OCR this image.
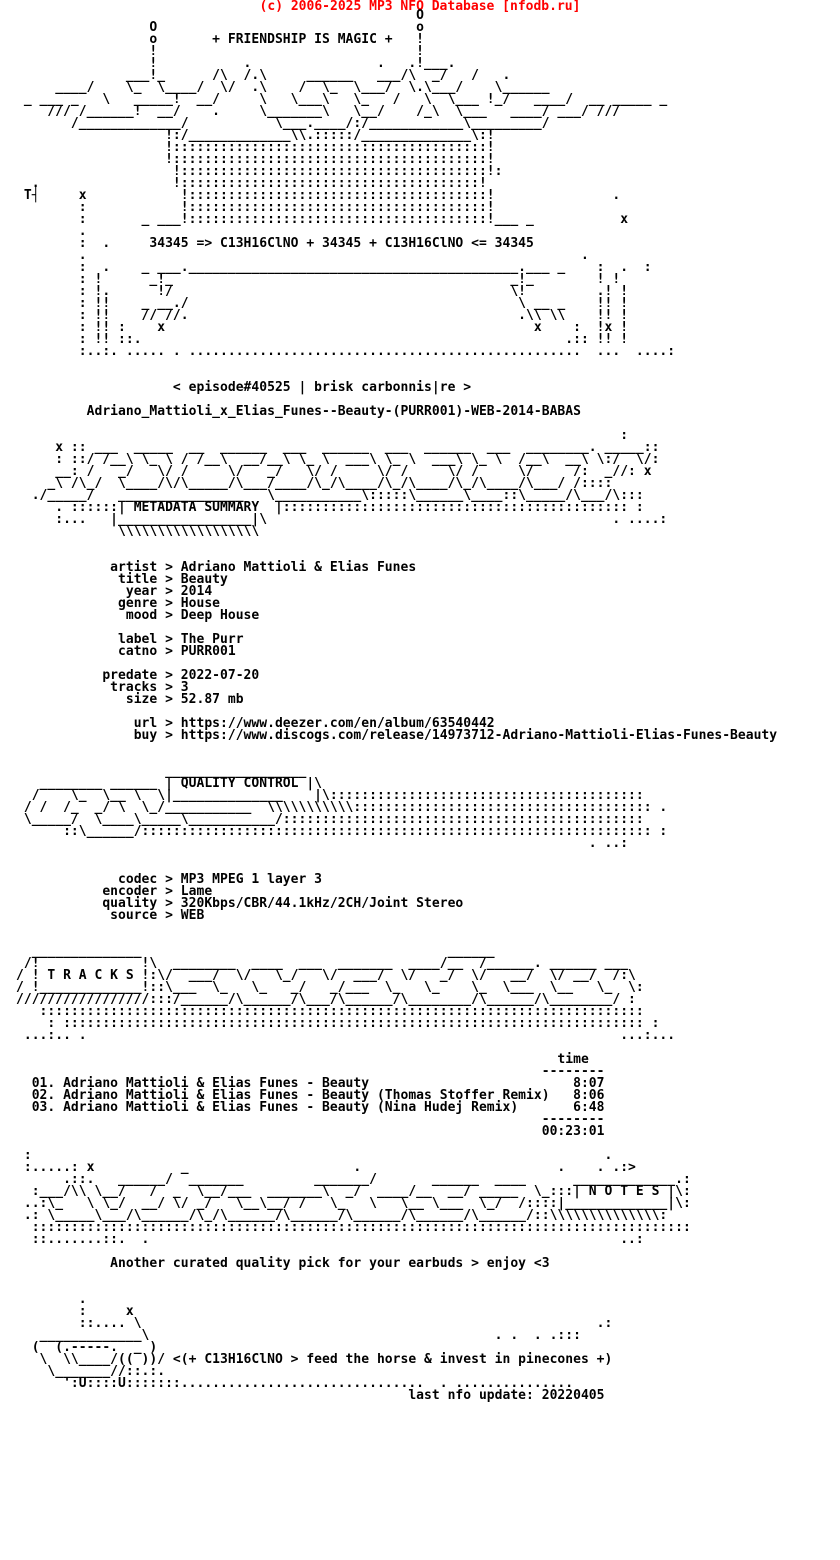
(c) 2006-2025 MP3 NFO Database [nfodb.ru]
O
O                                 o
o       + FRIENDSHIP IS MAGIC +   !
!                                 !
!           .                .   .!___.
___!_      /\  /.\     ______   ___/\  _/   /   .
____/    \_  \____/  \/  .\    /  \_  \___/  \.\___/    \______
_ ___ _   \   _____!  __/     \   \___\   \_   /   \  \___ !_/   ____/  __ _____ _
/// /______!  __/    .     \_______\   \__/    /_\  \___   ____/ ___/ ///
/_____________/           \___.____/:/____________\_________/
!:/_____________\\.:::::/______________\:!
!::::::::::::::::::::::::::::::::::::::::!
!::::::::::::::::::::::::::::::::::::::::!
!:::::::::::::::::::::::::::::::::::::::!:
.                 !::::::::::::::::::::::::::::::::::::::!
T┤     x            !::::::::::::::::::::::::::::::::::::::!               .
:            !::::::::::::::::::::::::::::::::::::::!
:       _ ___!::::::::::::::::::::::::::::::::::::::!___ _           x
.
:  .     34345 => C13H16ClNO + 34345 + C13H16ClNO <= 34345
.                                                               .
:  .    _ ___.__________________________________________.___ _    :  .  :
: !      _!_                                           _!_        ! !
: !.      !/                                           \!         .! !
: !!    _ __./                                          \ __ _    !! !
: !!    // //.                                          .\\ \\    !! !
: !! :    x                                               x    :  !x !
: !! ::.                                                      .:: !! !
:..:. ..... . ..................................................  ...  ....:

< episode#40525 | brisk carbonnis|re >

Adriano_Mattioli_x_Elias_Funes--Beauty-(PURR001)-WEB-2014-BABAS

:
x :: ___  _____  __  ______  ___  ______  ___  ______  ___  ________. _____::
: ::/ /__\ \_ \ / /__\  __/__\ \_ \  ___\ \_ \  ___\ \_ \  /__\  __\ \:/  \/:
__: /   _/   \/ /     \/   _/   \/ /     \/ /     \/ /     \/     /:  _//: x
_\ /\_/  \____/\/\_____/\___/____/\_/\____/\_/\____/\_/\____/\___/ /::::
./_____/   ________________   \___________\:::::\______\____::\_____/\___/\:::
. ::::::| METADATA SUMMARY  |:::::::::::::::::::::::::::::::::::::::::::: :
:...   |_________________|\                                            . ....:
\\\\\\\\\\\\\\\\\\

artist > Adriano Mattioli & Elias Funes
title > Beauty
year > 2014
genre > House
mood > Deep House

label > The Purr
catno > PURR001

predate > 2022-07-20
tracks > 3
size > 52.87 mb

url > https://www.deezer.com/en/album/63540442
buy > https://www.discogs.com/release/14973712-Adriano-Mattioli-Elias-Funes-Beauty

__________________
________ ______ | QUALITY CONTROL |\
/    \_  \__ \  \|______________    |\::::::::::::::::::::::::::::::::::::::::
/ /  /_  _/ \  \_/___________  \\\\\\\\\\\:::::::::::::::::::::::::::::::::::::: .
\_____/  \____\_____\___________/::::::::::::::::::::::::::::::::::::::::::::::
::\______/::::::::::::::::::::::::::::::::::::::::::::::::::::::::::::::::: :
. ..:

codec > MP3 MPEG 1 layer 3
encoder > Lame
quality > 320Kbps/CBR/44.1kHz/2CH/Joint Stereo
source > WEB

______________                                       ______
/!             !\  ________  ____  ___  _______  ____/__  /______. ______ ___
/ ! T R A C K S !:\/  ___/  \/   \_/   \/  ___/  \/   _/  \/   __/  \/ __/  /:\
/ !_____________!::\___  \_   \_   _/   _/___  \_   \_    \_  \___  \__   \_  \:
/////////////////:::/______/\______/\___/\______/\________/\______/\________/ :
:::::::::::::::::::::::::::::::::::::::::::::::::::::::::::::::::::::::::::::
: :::::::::::::::::::::::::::::::::::::::::::::::::::::::::::::::::::::::::: :
...:.. .                                                                    ...:...

time
--------
01. Adriano Mattioli & Elias Funes - Beauty                          8:07
02. Adriano Mattioli & Elias Funes - Beauty (Thomas Stoffer Remix)   8:06
03. Adriano Mattioli & Elias Funes - Beauty (Nina Hudej Remix)       6:48
--------
00:23:01

:                                                                         .
:.....: x           _                     .                         .    . .:>
.::.   ______/  _______         _______/       ______  ____      _____________.:
:___/\\ \__/   /  _  \__/___  _______\  _/  ____/__  __/ _____  \_:::| N O T E S |\:
..:\_   \ \_/  __/ \/ _/   \__\__/ /   \_   \   \__ \___  \_/  /::::|_____________|\:
.: \_____\___/\______/\_/\______/\______/\______/\______/\______/::\\\\\\\\\\\\\\:
::::::::::::::::::::::::::::::::::::::::::::::::::::::::::::::::::::::::::::::::::::
::.......::.  .                                                            ..:

Another curated quality pick for your earbuds > enjoy <3

.
:     x
::.... \                                                          .:
_____________\                                            . .  . .:::
(  (.-----.  _ )
\  \\____/(( ))/ <(+ C13H16ClNO > feed the horse & invest in pinecones +)
\_______//::.:.
':U::::U:::::::...............................  . ...............
last nfo update: 20220405
